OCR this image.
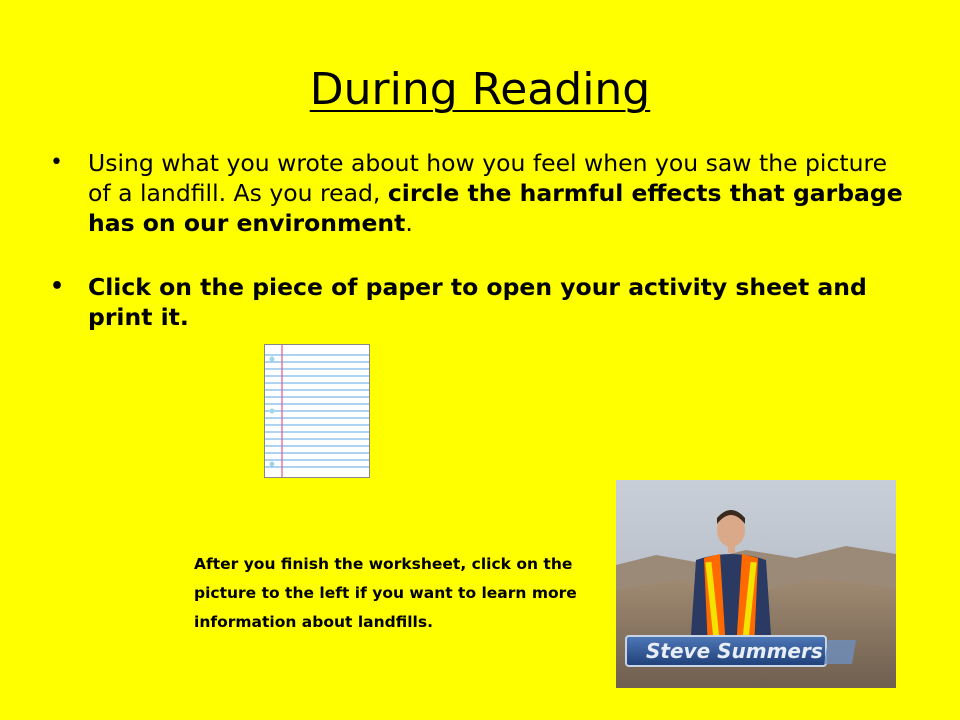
During Reading
• Using what you wrote about how you feel when you saw the picture of a landfill. As you read, circle the harmful effects that garbage has on our environment.
• Click on the piece of paper to open your activity sheet and print it.
After you finish the worksheet, click on the picture to the left if you want to learn more information about landfills.
Steve Summers
